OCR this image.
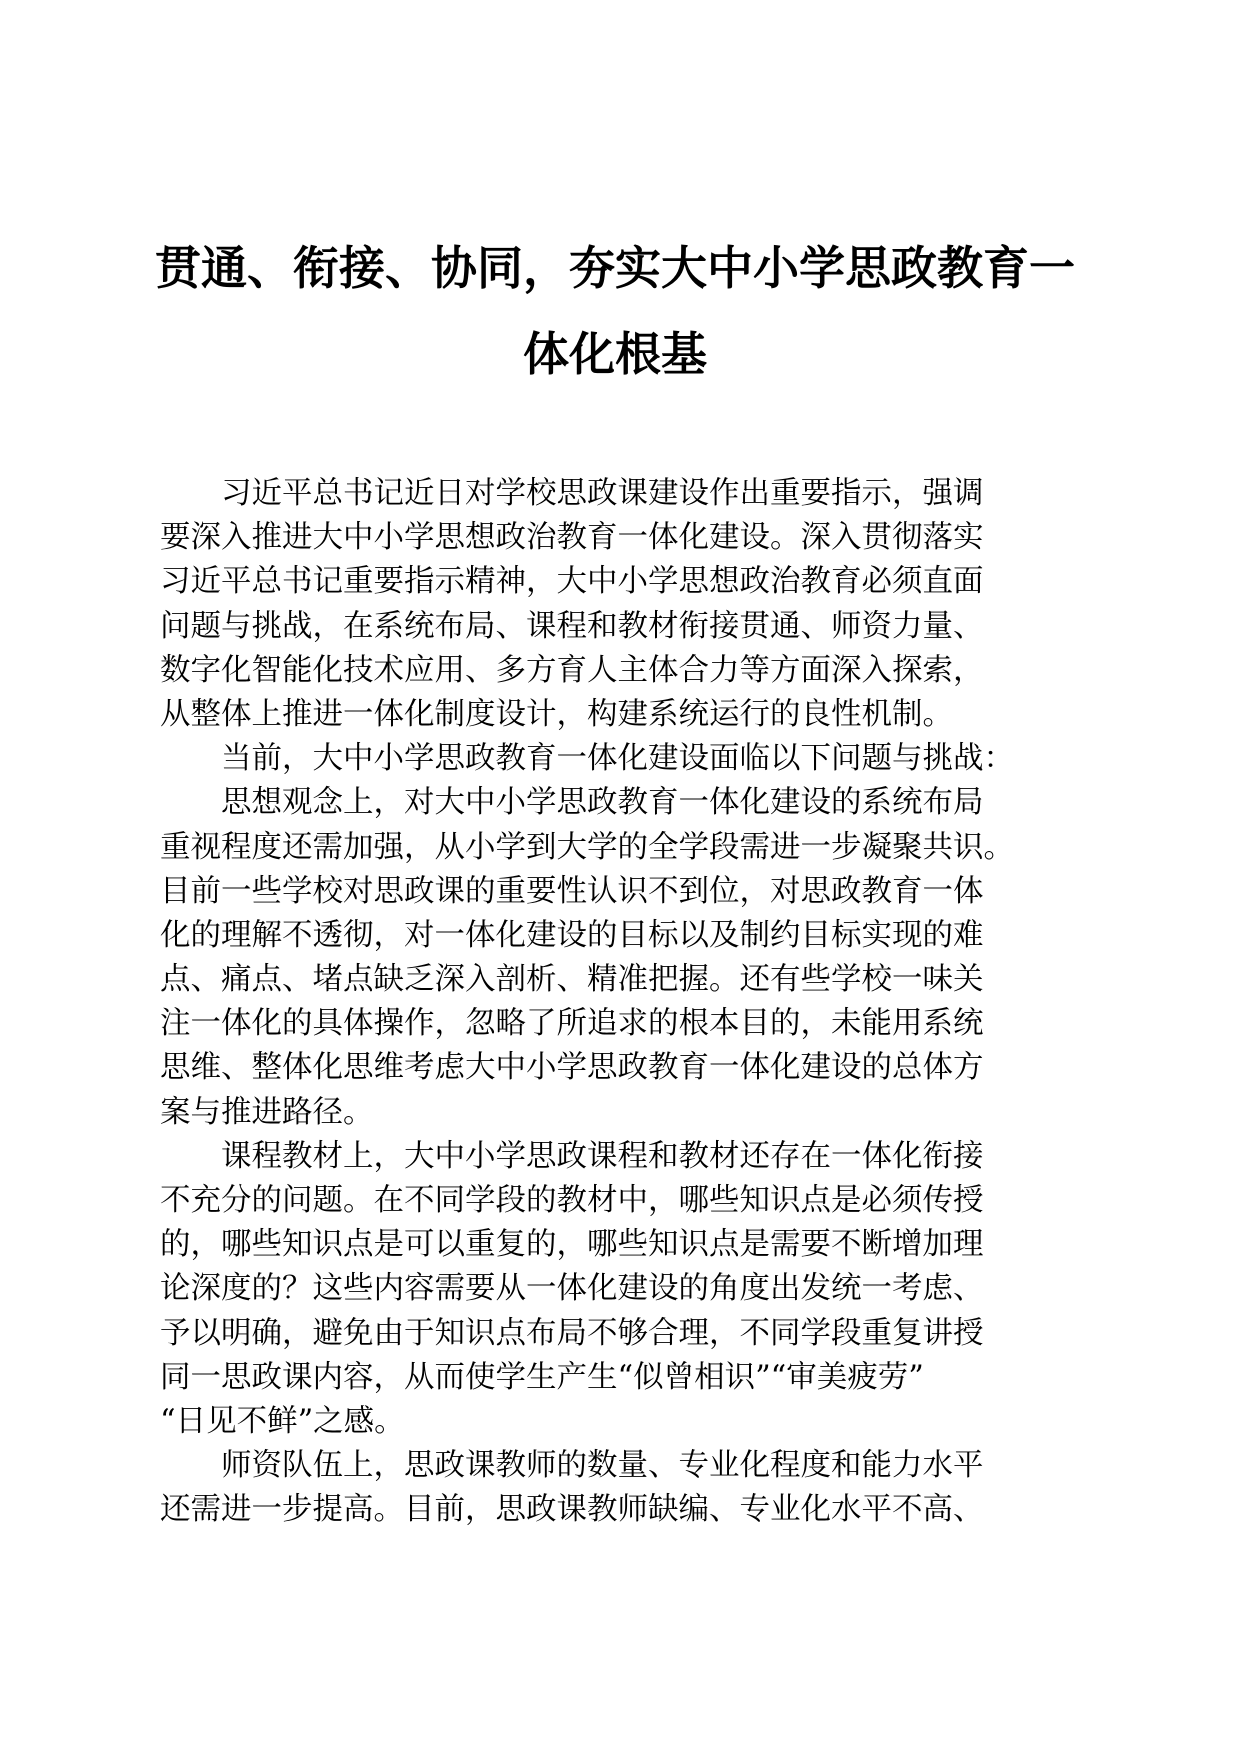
贯通、衔接、协同，夯实大中小学思政教育一
体化根基
习近平总书记近日对学校思政课建设作出重要指示，强调
要深入推进大中小学思想政治教育一体化建设。深入贯彻落实
习近平总书记重要指示精神，大中小学思想政治教育必须直面
问题与挑战，在系统布局、课程和教材衔接贯通、师资力量、
数字化智能化技术应用、多方育人主体合力等方面深入探索，
从整体上推进一体化制度设计，构建系统运行的良性机制。
当前，大中小学思政教育一体化建设面临以下问题与挑战：
思想观念上，对大中小学思政教育一体化建设的系统布局
重视程度还需加强，从小学到大学的全学段需进一步凝聚共识。
目前一些学校对思政课的重要性认识不到位，对思政教育一体
化的理解不透彻，对一体化建设的目标以及制约目标实现的难
点、痛点、堵点缺乏深入剖析、精准把握。还有些学校一味关
注一体化的具体操作，忽略了所追求的根本目的，未能用系统
思维、整体化思维考虑大中小学思政教育一体化建设的总体方
案与推进路径。
课程教材上，大中小学思政课程和教材还存在一体化衔接
不充分的问题。在不同学段的教材中，哪些知识点是必须传授
的，哪些知识点是可以重复的，哪些知识点是需要不断增加理
论深度的？这些内容需要从一体化建设的角度出发统一考虑、
予以明确，避免由于知识点布局不够合理，不同学段重复讲授
同一思政课内容，从而使学生产生“似曾相识”“审美疲劳”
“日见不鲜”之感。
师资队伍上，思政课教师的数量、专业化程度和能力水平
还需进一步提高。目前，思政课教师缺编、专业化水平不高、
